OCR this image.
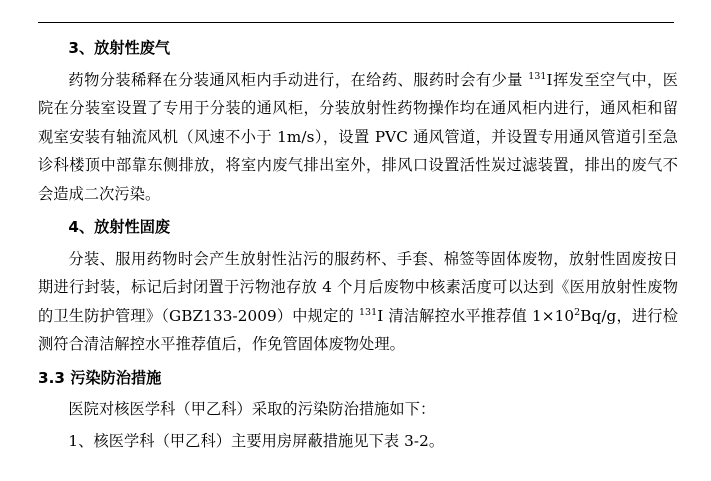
3、放射性废气

药物分装稀释在分装通风柜内手动进行，在给药、服药时会有少量 $^{131}$I挥发至空气中，医院在分装室设置了专用于分装的通风柜，分装放射性药物操作均在通风柜内进行，通风柜和留观室安装有轴流风机（风速不小于 1m/s），设置 PVC 通风管道，并设置专用通风管道引至急诊科楼顶中部靠东侧排放，将室内废气排出室外，排风口设置活性炭过滤装置，排出的废气不会造成二次污染。

4、放射性固废

分装、服用药物时会产生放射性沾污的服药杯、手套、棉签等固体废物，放射性固废按日期进行封装，标记后封闭置于污物池存放 4 个月后废物中核素活度可以达到《医用放射性废物的卫生防护管理》（GBZ133-2009）中规定的 $^{131}$I 清洁解控水平推荐值 $1\times 10^2Bq/g$，进行检测符合清洁解控水平推荐值后，作免管固体废物处理。

3.3 污染防治措施

医院对核医学科（甲乙科）采取的污染防治措施如下：

1、核医学科（甲乙科）主要用房屏蔽措施见下表 3-2。
